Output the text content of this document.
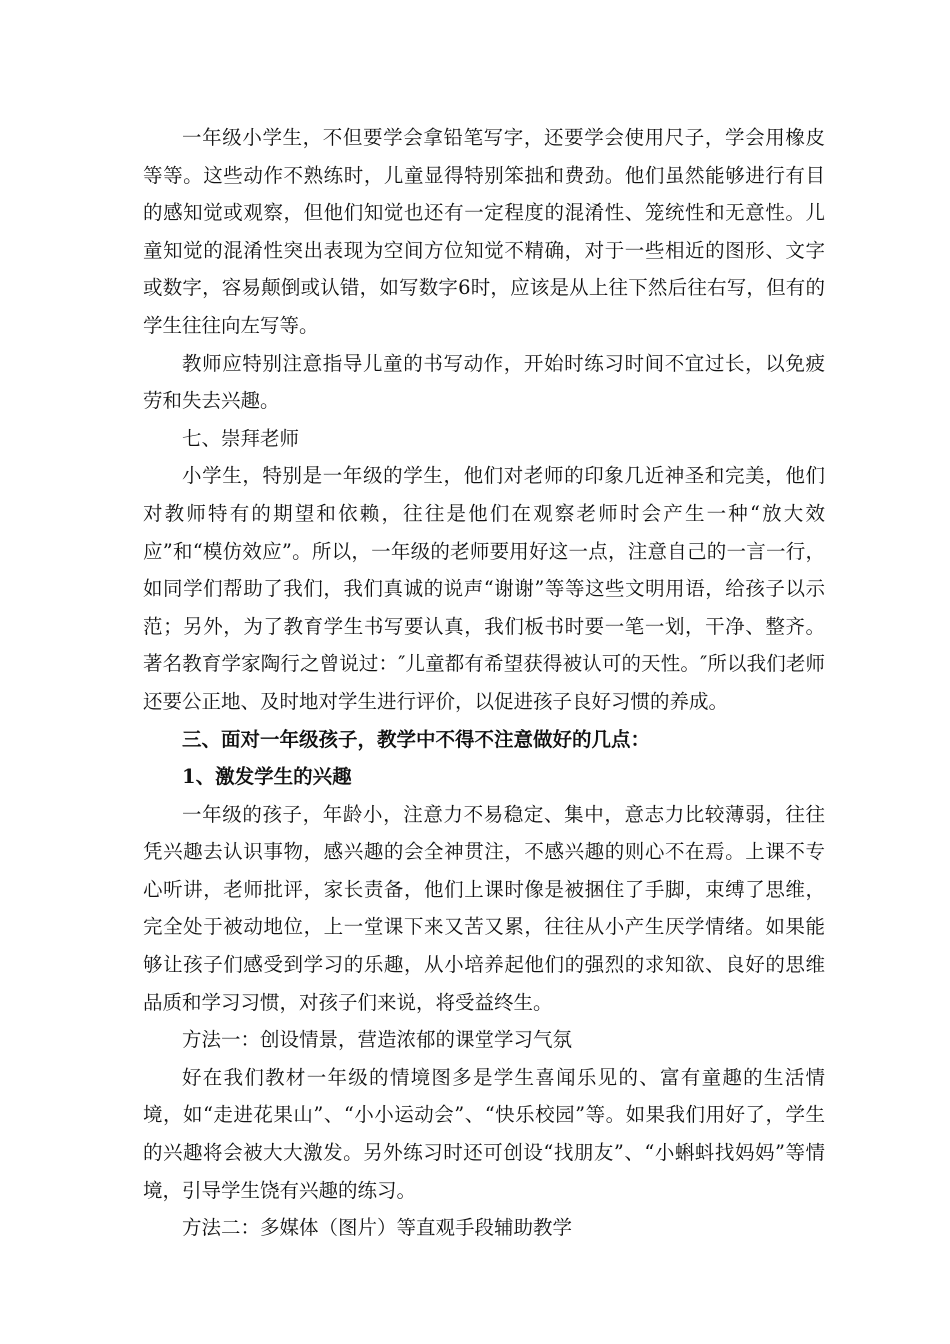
一年级小学生，不但要学会拿铅笔写字，还要学会使用尺子，学会用橡皮等等。这些动作不熟练时，儿童显得特别笨拙和费劲。他们虽然能够进行有目的感知觉或观察，但他们知觉也还有一定程度的混淆性、笼统性和无意性。儿童知觉的混淆性突出表现为空间方位知觉不精确，对于一些相近的图形、文字或数字，容易颠倒或认错，如写数字6时，应该是从上往下然后往右写，但有的学生往往向左写等。

教师应特别注意指导儿童的书写动作，开始时练习时间不宜过长，以免疲劳和失去兴趣。

七、崇拜老师

小学生，特别是一年级的学生，他们对老师的印象几近神圣和完美，他们对教师特有的期望和依赖，往往是他们在观察老师时会产生一种“放大效应”和“模仿效应”。所以，一年级的老师要用好这一点，注意自己的一言一行，如同学们帮助了我们，我们真诚的说声“谢谢”等等这些文明用语，给孩子以示范；另外，为了教育学生书写要认真，我们板书时要一笔一划，干净、整齐。著名教育学家陶行之曾说过：″儿童都有希望获得被认可的天性。″所以我们老师还要公正地、及时地对学生进行评价，以促进孩子良好习惯的养成。

三、面对一年级孩子，教学中不得不注意做好的几点：

1、激发学生的兴趣

一年级的孩子，年龄小，注意力不易稳定、集中，意志力比较薄弱，往往凭兴趣去认识事物，感兴趣的会全神贯注，不感兴趣的则心不在焉。上课不专心听讲，老师批评，家长责备，他们上课时像是被捆住了手脚，束缚了思维，完全处于被动地位，上一堂课下来又苦又累，往往从小产生厌学情绪。如果能够让孩子们感受到学习的乐趣，从小培养起他们的强烈的求知欲、良好的思维品质和学习习惯，对孩子们来说，将受益终生。

方法一：创设情景，营造浓郁的课堂学习气氛

好在我们教材一年级的情境图多是学生喜闻乐见的、富有童趣的生活情境，如“走进花果山”、“小小运动会”、“快乐校园”等。如果我们用好了，学生的兴趣将会被大大激发。另外练习时还可创设“找朋友”、“小蝌蚪找妈妈”等情境，引导学生饶有兴趣的练习。

方法二：多媒体（图片）等直观手段辅助教学
